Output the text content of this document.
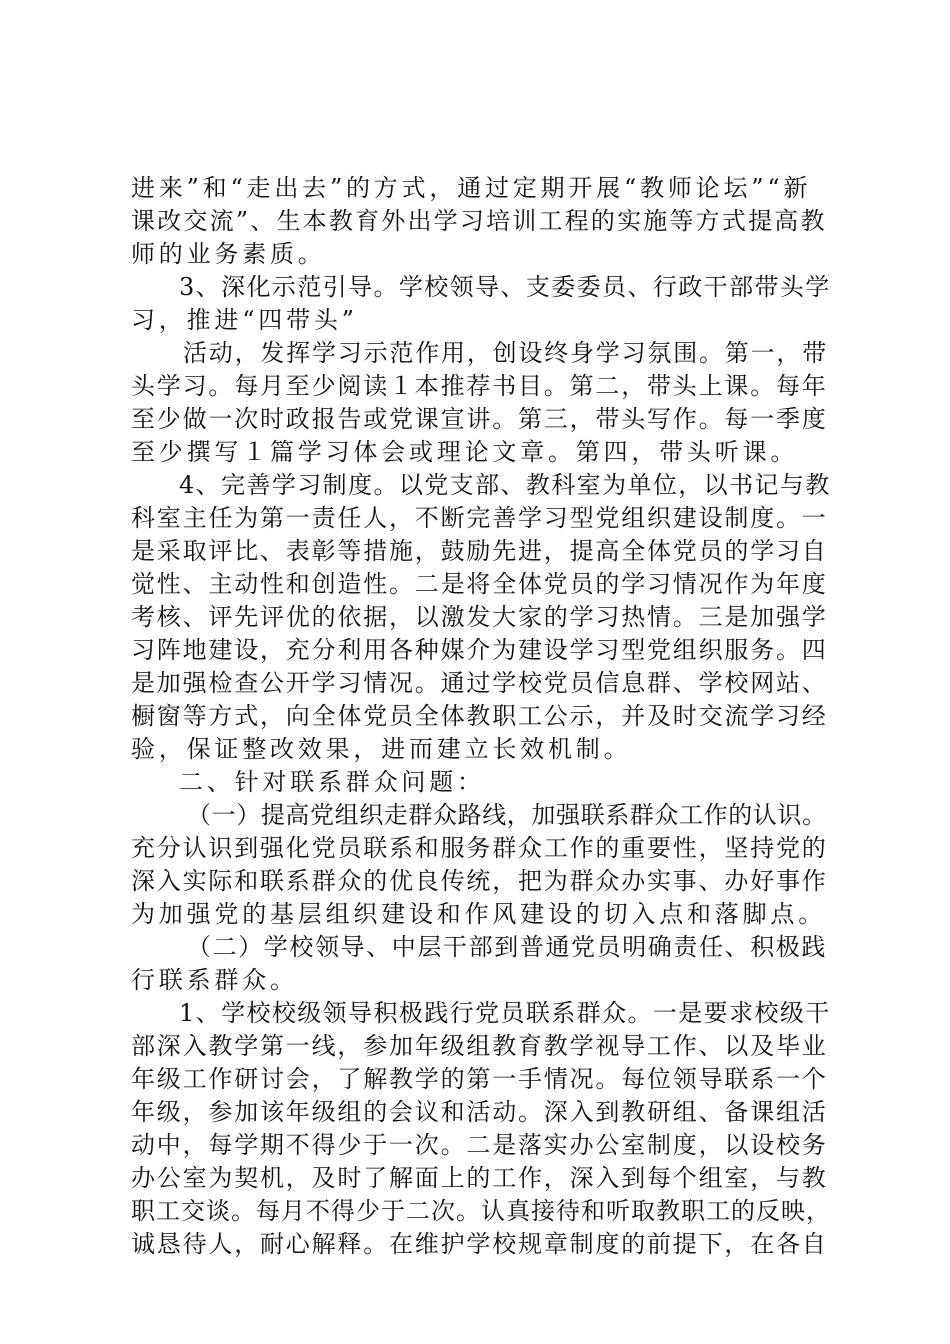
进来”和“走出去”的方式，通过定期开展“教师论坛”“新
课改交流”、生本教育外出学习培训工程的实施等方式提高教
师的业务素质。
3、深化示范引导。学校领导、支委委员、行政干部带头学
习，推进“四带头”
活动，发挥学习示范作用，创设终身学习氛围。第一，带
头学习。每月至少阅读１本推荐书目。第二，带头上课。每年
至少做一次时政报告或党课宣讲。第三，带头写作。每一季度
至少撰写１篇学习体会或理论文章。第四，带头听课。
4、完善学习制度。以党支部、教科室为单位，以书记与教
科室主任为第一责任人，不断完善学习型党组织建设制度。一
是采取评比、表彰等措施，鼓励先进，提高全体党员的学习自
觉性、主动性和创造性。二是将全体党员的学习情况作为年度
考核、评先评优的依据，以激发大家的学习热情。三是加强学
习阵地建设，充分利用各种媒介为建设学习型党组织服务。四
是加强检查公开学习情况。通过学校党员信息群、学校网站、
橱窗等方式，向全体党员全体教职工公示，并及时交流学习经
验，保证整改效果，进而建立长效机制。
二、针对联系群众问题：
（一）提高党组织走群众路线，加强联系群众工作的认识。
充分认识到强化党员联系和服务群众工作的重要性，坚持党的
深入实际和联系群众的优良传统，把为群众办实事、办好事作
为加强党的基层组织建设和作风建设的切入点和落脚点。
（二）学校领导、中层干部到普通党员明确责任、积极践
行联系群众。
1、学校校级领导积极践行党员联系群众。一是要求校级干
部深入教学第一线，参加年级组教育教学视导工作、以及毕业
年级工作研讨会，了解教学的第一手情况。每位领导联系一个
年级，参加该年级组的会议和活动。深入到教研组、备课组活
动中，每学期不得少于一次。二是落实办公室制度，以设校务
办公室为契机，及时了解面上的工作，深入到每个组室，与教
职工交谈。每月不得少于二次。认真接待和听取教职工的反映，
诚恳待人，耐心解释。在维护学校规章制度的前提下，在各自
